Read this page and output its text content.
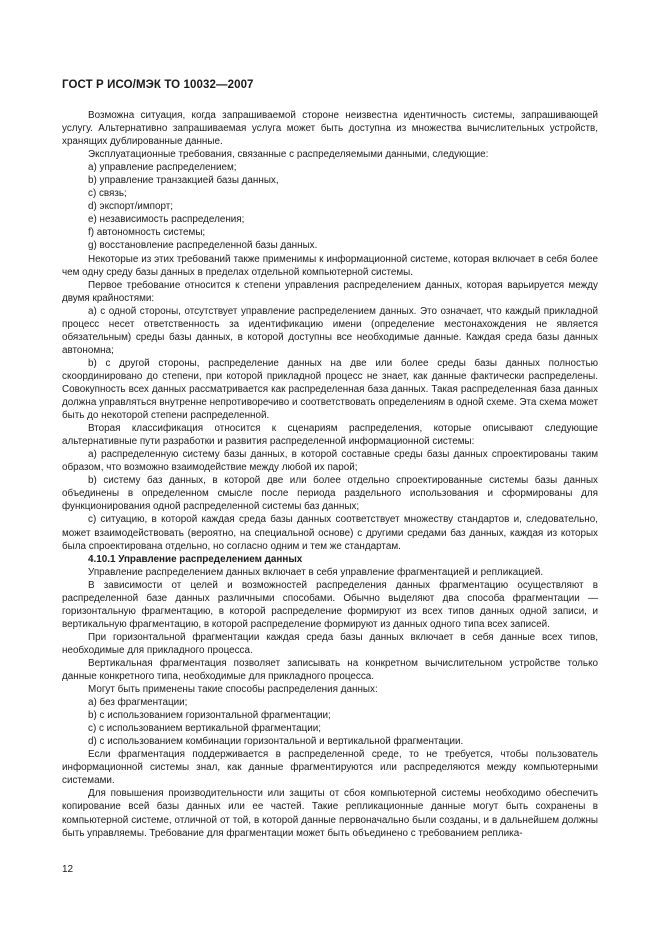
ГОСТ Р ИСО/МЭК ТО 10032—2007

Возможна ситуация, когда запрашиваемой стороне неизвестна идентичность системы, запрашивающей услугу. Альтернативно запрашиваемая услуга может быть доступна из множества вычислительных устройств, хранящих дублированные данные.

Эксплуатационные требования, связанные с распределяемыми данными, следующие:

a) управление распределением;

b) управление транзакцией базы данных,

c) связь;

d) экспорт/импорт;

e) независимость распределения;

f) автономность системы;

g) восстановление распределенной базы данных.

Некоторые из этих требований также применимы к информационной системе, которая включает в себя более чем одну среду базы данных в пределах отдельной компьютерной системы.

Первое требование относится к степени управления распределением данных, которая варьируется между двумя крайностями:

a) с одной стороны, отсутствует управление распределением данных. Это означает, что каждый прикладной процесс несет ответственность за идентификацию имени (определение местонахождения не является обязательным) среды базы данных, в которой доступны все необходимые данные. Каждая среда базы данных автономна;

b) с другой стороны, распределение данных на две или более среды базы данных полностью скоординировано до степени, при которой прикладной процесс не знает, как данные фактически распределены. Совокупность всех данных рассматривается как распределенная база данных. Такая распределенная база данных должна управляться внутренне непротиворечиво и соответствовать определениям в одной схеме. Эта схема может быть до некоторой степени распределенной.

Вторая классификация относится к сценариям распределения, которые описывают следующие альтернативные пути разработки и развития распределенной информационной системы:

a) распределенную систему базы данных, в которой составные среды базы данных спроектированы таким образом, что возможно взаимодействие между любой их парой;

b) систему баз данных, в которой две или более отдельно спроектированные системы базы данных объединены в определенном смысле после периода раздельного использования и сформированы для функционирования одной распределенной системы баз данных;

c) ситуацию, в которой каждая среда базы данных соответствует множеству стандартов и, следовательно, может взаимодействовать (вероятно, на специальной основе) с другими средами баз данных, каждая из которых была спроектирована отдельно, но согласно одним и тем же стандартам.

4.10.1 Управление распределением данных

Управление распределением данных включает в себя управление фрагментацией и репликацией.

В зависимости от целей и возможностей распределения данных фрагментацию осуществляют в распределенной базе данных различными способами. Обычно выделяют два способа фрагментации — горизонтальную фрагментацию, в которой распределение формируют из всех типов данных одной записи, и вертикальную фрагментацию, в которой распределение формируют из данных одного типа всех записей.

При горизонтальной фрагментации каждая среда базы данных включает в себя данные всех типов, необходимые для прикладного процесса.

Вертикальная фрагментация позволяет записывать на конкретном вычислительном устройстве только данные конкретного типа, необходимые для прикладного процесса.

Могут быть применены такие способы распределения данных:

a) без фрагментации;

b) с использованием горизонтальной фрагментации;

c) с использованием вертикальной фрагментации;

d) с использованием комбинации горизонтальной и вертикальной фрагментации.

Если фрагментация поддерживается в распределенной среде, то не требуется, чтобы пользователь информационной системы знал, как данные фрагментируются или распределяются между компьютерными системами.

Для повышения производительности или защиты от сбоя компьютерной системы необходимо обеспечить копирование всей базы данных или ее частей. Такие репликационные данные могут быть сохранены в компьютерной системе, отличной от той, в которой данные первоначально были созданы, и в дальнейшем должны быть управляемы. Требование для фрагментации может быть объединено с требованием реплика-

12
